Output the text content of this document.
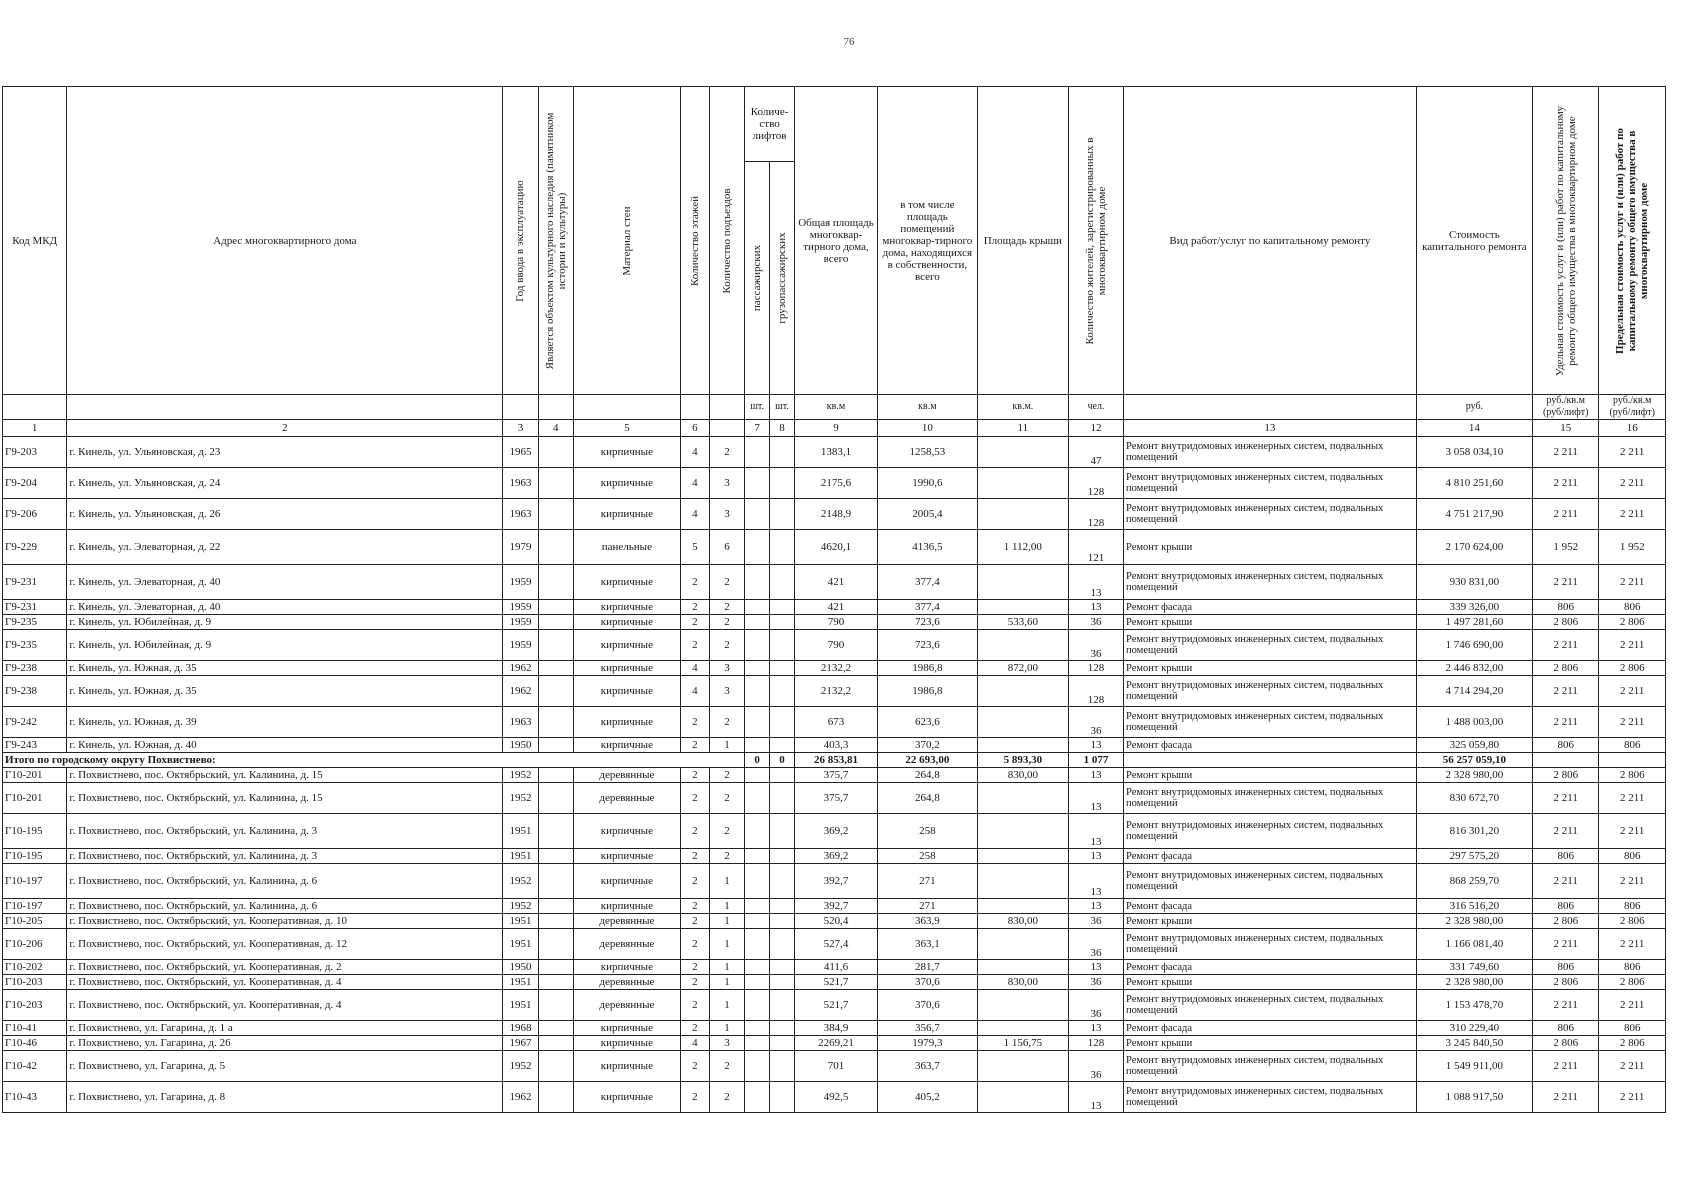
76
Код МКД	Адрес многоквартирного дома	Год ввода в эксплуатацию	Является объектом культурного наследия (памятником истории и культуры)	Материал стен	Количество этажей	Количество подъездов	Количе-ство лифтов		Общая площадь многоквар-тирного дома, всего	в том числе площадь помещений многоквар-тирного дома, находящихся в собственности, всего	Площадь крыши	Количество жителей, зарегистрированных в многоквартирном доме	Вид работ/услуг по капитальному ремонту	Стоимость капитального ремонта	Удельная стоимость услуг и (или) работ по капитальному ремонту общего имущества в многоквартирном доме	Предельная стоимость услуг и (или) работ по капитальному ремонту общего имущества в многоквартирном доме

							пассажирских	грузопассажирских								

							шт.	шт.	кв.м	кв.м	кв.м.	чел.		руб.	руб./кв.м (руб/лифт)	руб./кв.м (руб/лифт)
1	2	3	4	5	6		7	8	9	10	11	12	13	14	15	16
Г9-203	г. Кинель, ул. Ульяновская, д. 23	1965		кирпичные	4	2			1383,1	1258,53		47	Ремонт внутридомовых инженерных систем, подвальных помещений	3 058 034,10	2 211	2 211
Г9-204	г. Кинель, ул. Ульяновская, д. 24	1963		кирпичные	4	3			2175,6	1990,6		128	Ремонт внутридомовых инженерных систем, подвальных помещений	4 810 251,60	2 211	2 211
Г9-206	г. Кинель, ул. Ульяновская, д. 26	1963		кирпичные	4	3			2148,9	2005,4		128	Ремонт внутридомовых инженерных систем, подвальных помещений	4 751 217,90	2 211	2 211
Г9-229	г. Кинель, ул. Элеваторная, д. 22	1979		панельные	5	6			4620,1	4136,5	1 112,00	121	Ремонт крыши	2 170 624,00	1 952	1 952
Г9-231	г. Кинель, ул. Элеваторная, д. 40	1959		кирпичные	2	2			421	377,4		13	Ремонт внутридомовых инженерных систем, подвальных помещений	930 831,00	2 211	2 211
Г9-231	г. Кинель, ул. Элеваторная, д. 40	1959		кирпичные	2	2			421	377,4		13	Ремонт фасада	339 326,00	806	806
Г9-235	г. Кинель, ул. Юбилейная, д. 9	1959		кирпичные	2	2			790	723,6	533,60	36	Ремонт крыши	1 497 281,60	2 806	2 806
Г9-235	г. Кинель, ул. Юбилейная, д. 9	1959		кирпичные	2	2			790	723,6		36	Ремонт внутридомовых инженерных систем, подвальных помещений	1 746 690,00	2 211	2 211
Г9-238	г. Кинель, ул. Южная, д. 35	1962		кирпичные	4	3			2132,2	1986,8	872,00	128	Ремонт крыши	2 446 832,00	2 806	2 806
Г9-238	г. Кинель, ул. Южная, д. 35	1962		кирпичные	4	3			2132,2	1986,8		128	Ремонт внутридомовых инженерных систем, подвальных помещений	4 714 294,20	2 211	2 211
Г9-242	г. Кинель, ул. Южная, д. 39	1963		кирпичные	2	2			673	623,6		36	Ремонт внутридомовых инженерных систем, подвальных помещений	1 488 003,00	2 211	2 211
Г9-243	г. Кинель, ул. Южная, д. 40	1950		кирпичные	2	1			403,3	370,2		13	Ремонт фасада	325 059,80	806	806
Итого по городскому округу Похвистнево:							0	0	26 853,81	22 693,00	5 893,30	1 077		56 257 059,10		
Г10-201	г. Похвистнево, пос. Октябрьский, ул. Калинина, д. 15	1952		деревянные	2	2			375,7	264,8	830,00	13	Ремонт крыши	2 328 980,00	2 806	2 806
Г10-201	г. Похвистнево, пос. Октябрьский, ул. Калинина, д. 15	1952		деревянные	2	2			375,7	264,8		13	Ремонт внутридомовых инженерных систем, подвальных помещений	830 672,70	2 211	2 211
Г10-195	г. Похвистнево, пос. Октябрьский, ул. Калинина, д. 3	1951		кирпичные	2	2			369,2	258		13	Ремонт внутридомовых инженерных систем, подвальных помещений	816 301,20	2 211	2 211
Г10-195	г. Похвистнево, пос. Октябрьский, ул. Калинина, д. 3	1951		кирпичные	2	2			369,2	258		13	Ремонт фасада	297 575,20	806	806
Г10-197	г. Похвистнево, пос. Октябрьский, ул. Калинина, д. 6	1952		кирпичные	2	1			392,7	271		13	Ремонт внутридомовых инженерных систем, подвальных помещений	868 259,70	2 211	2 211
Г10-197	г. Похвистнево, пос. Октябрьский, ул. Калинина, д. 6	1952		кирпичные	2	1			392,7	271		13	Ремонт фасада	316 516,20	806	806
Г10-205	г. Похвистнево, пос. Октябрьский, ул. Кооперативная, д. 10	1951		деревянные	2	1			520,4	363,9	830,00	36	Ремонт крыши	2 328 980,00	2 806	2 806
Г10-206	г. Похвистнево, пос. Октябрьский, ул. Кооперативная, д. 12	1951		деревянные	2	1			527,4	363,1		36	Ремонт внутридомовых инженерных систем, подвальных помещений	1 166 081,40	2 211	2 211
Г10-202	г. Похвистнево, пос. Октябрьский, ул. Кооперативная, д. 2	1950		кирпичные	2	1			411,6	281,7		13	Ремонт фасада	331 749,60	806	806
Г10-203	г. Похвистнево, пос. Октябрьский, ул. Кооперативная, д. 4	1951		деревянные	2	1			521,7	370,6	830,00	36	Ремонт крыши	2 328 980,00	2 806	2 806
Г10-203	г. Похвистнево, пос. Октябрьский, ул. Кооперативная, д. 4	1951		деревянные	2	1			521,7	370,6		36	Ремонт внутридомовых инженерных систем, подвальных помещений	1 153 478,70	2 211	2 211
Г10-41	г. Похвистнево, ул. Гагарина, д. 1 а	1968		кирпичные	2	1			384,9	356,7		13	Ремонт фасада	310 229,40	806	806
Г10-46	г. Похвистнево, ул. Гагарина, д. 26	1967		кирпичные	4	3			2269,21	1979,3	1 156,75	128	Ремонт крыши	3 245 840,50	2 806	2 806
Г10-42	г. Похвистнево, ул. Гагарина, д. 5	1952		кирпичные	2	2			701	363,7		36	Ремонт внутридомовых инженерных систем, подвальных помещений	1 549 911,00	2 211	2 211
Г10-43	г. Похвистнево, ул. Гагарина, д. 8	1962		кирпичные	2	2			492,5	405,2		13	Ремонт внутридомовых инженерных систем, подвальных помещений	1 088 917,50	2 211	2 211
